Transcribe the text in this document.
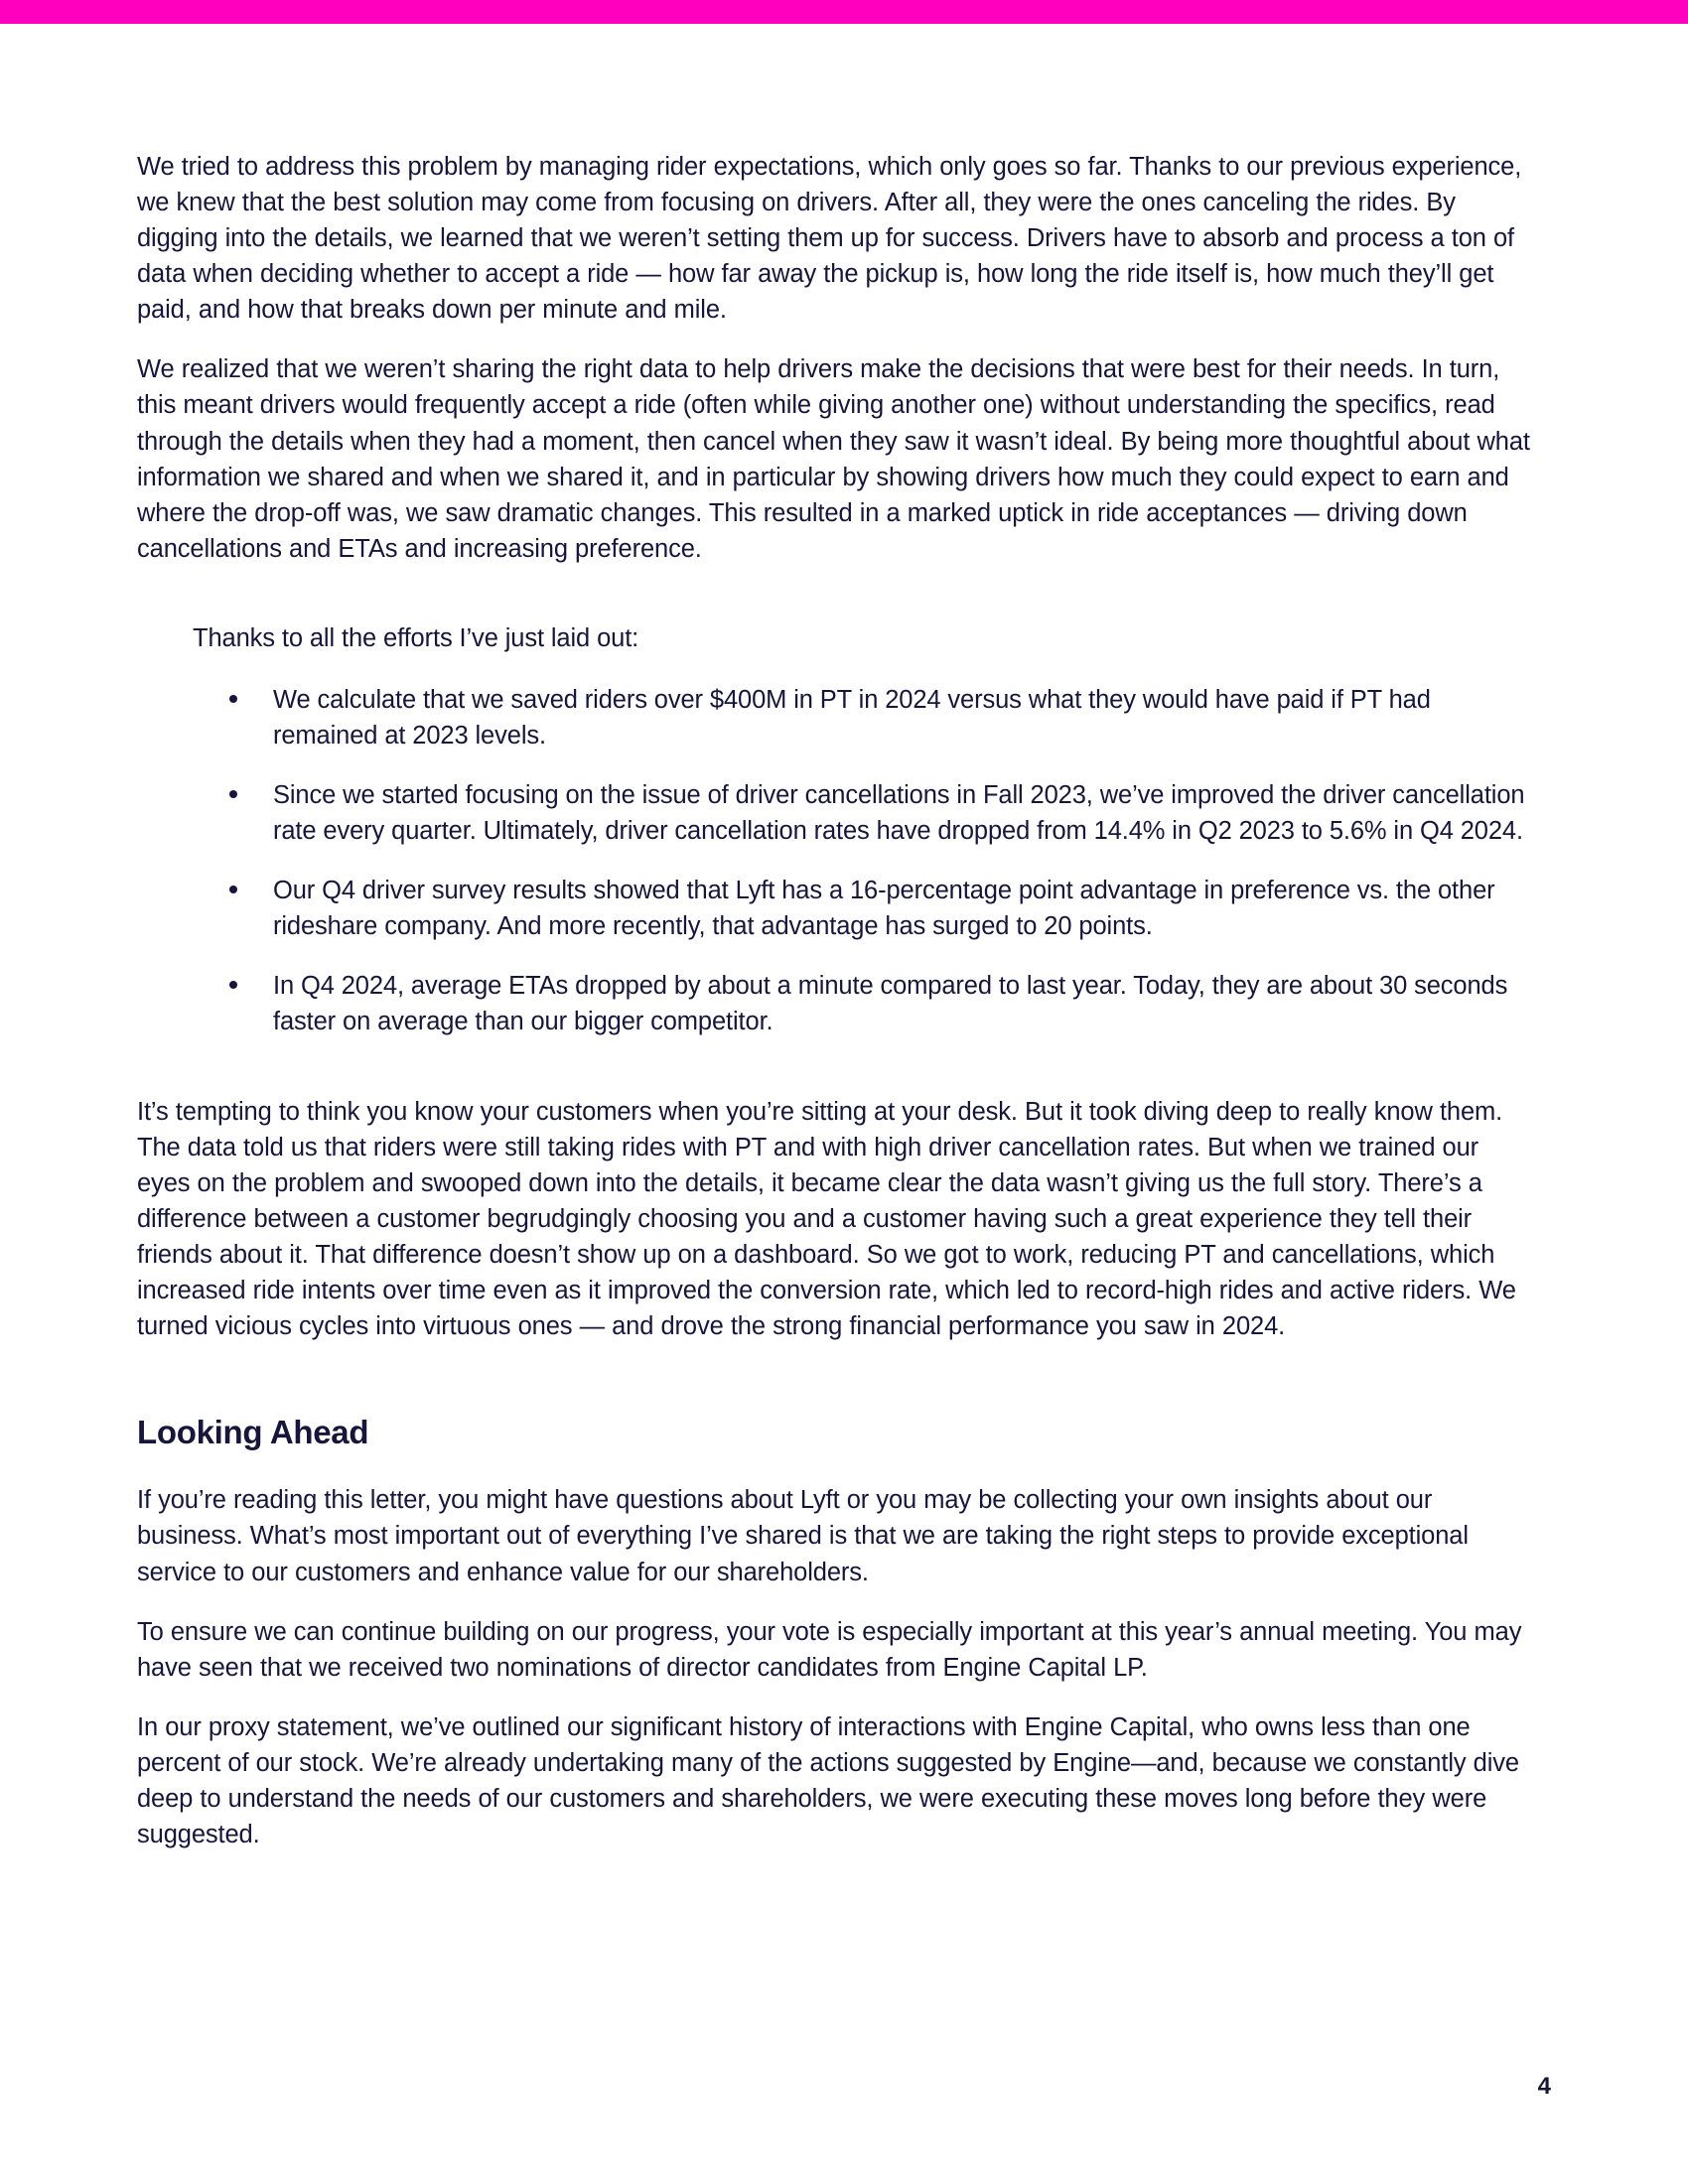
We tried to address this problem by managing rider expectations, which only goes so far. Thanks to our previous experience, we knew that the best solution may come from focusing on drivers. After all, they were the ones canceling the rides. By digging into the details, we learned that we weren’t setting them up for success. Drivers have to absorb and process a ton of data when deciding whether to accept a ride — how far away the pickup is, how long the ride itself is, how much they’ll get paid, and how that breaks down per minute and mile.

We realized that we weren’t sharing the right data to help drivers make the decisions that were best for their needs. In turn, this meant drivers would frequently accept a ride (often while giving another one) without understanding the specifics, read through the details when they had a moment, then cancel when they saw it wasn’t ideal. By being more thoughtful about what information we shared and when we shared it, and in particular by showing drivers how much they could expect to earn and where the drop-off was, we saw dramatic changes. This resulted in a marked uptick in ride acceptances — driving down cancellations and ETAs and increasing preference.

Thanks to all the efforts I’ve just laid out:

We calculate that we saved riders over $400M in PT in 2024 versus what they would have paid if PT had remained at 2023 levels.
Since we started focusing on the issue of driver cancellations in Fall 2023, we’ve improved the driver cancellation rate every quarter. Ultimately, driver cancellation rates have dropped from 14.4% in Q2 2023 to 5.6% in Q4 2024.
Our Q4 driver survey results showed that Lyft has a 16-percentage point advantage in preference vs. the other rideshare company. And more recently, that advantage has surged to 20 points.
In Q4 2024, average ETAs dropped by about a minute compared to last year. Today, they are about 30 seconds faster on average than our bigger competitor.

It’s tempting to think you know your customers when you’re sitting at your desk. But it took diving deep to really know them. The data told us that riders were still taking rides with PT and with high driver cancellation rates. But when we trained our eyes on the problem and swooped down into the details, it became clear the data wasn’t giving us the full story. There’s a difference between a customer begrudgingly choosing you and a customer having such a great experience they tell their friends about it. That difference doesn’t show up on a dashboard. So we got to work, reducing PT and cancellations, which increased ride intents over time even as it improved the conversion rate, which led to record-high rides and active riders. We turned vicious cycles into virtuous ones — and drove the strong financial performance you saw in 2024.

Looking Ahead

If you’re reading this letter, you might have questions about Lyft or you may be collecting your own insights about our business. What’s most important out of everything I’ve shared is that we are taking the right steps to provide exceptional service to our customers and enhance value for our shareholders.

To ensure we can continue building on our progress, your vote is especially important at this year’s annual meeting. You may have seen that we received two nominations of director candidates from Engine Capital LP.

In our proxy statement, we’ve outlined our significant history of interactions with Engine Capital, who owns less than one percent of our stock. We’re already undertaking many of the actions suggested by Engine—and, because we constantly dive deep to understand the needs of our customers and shareholders, we were executing these moves long before they were suggested.

4
